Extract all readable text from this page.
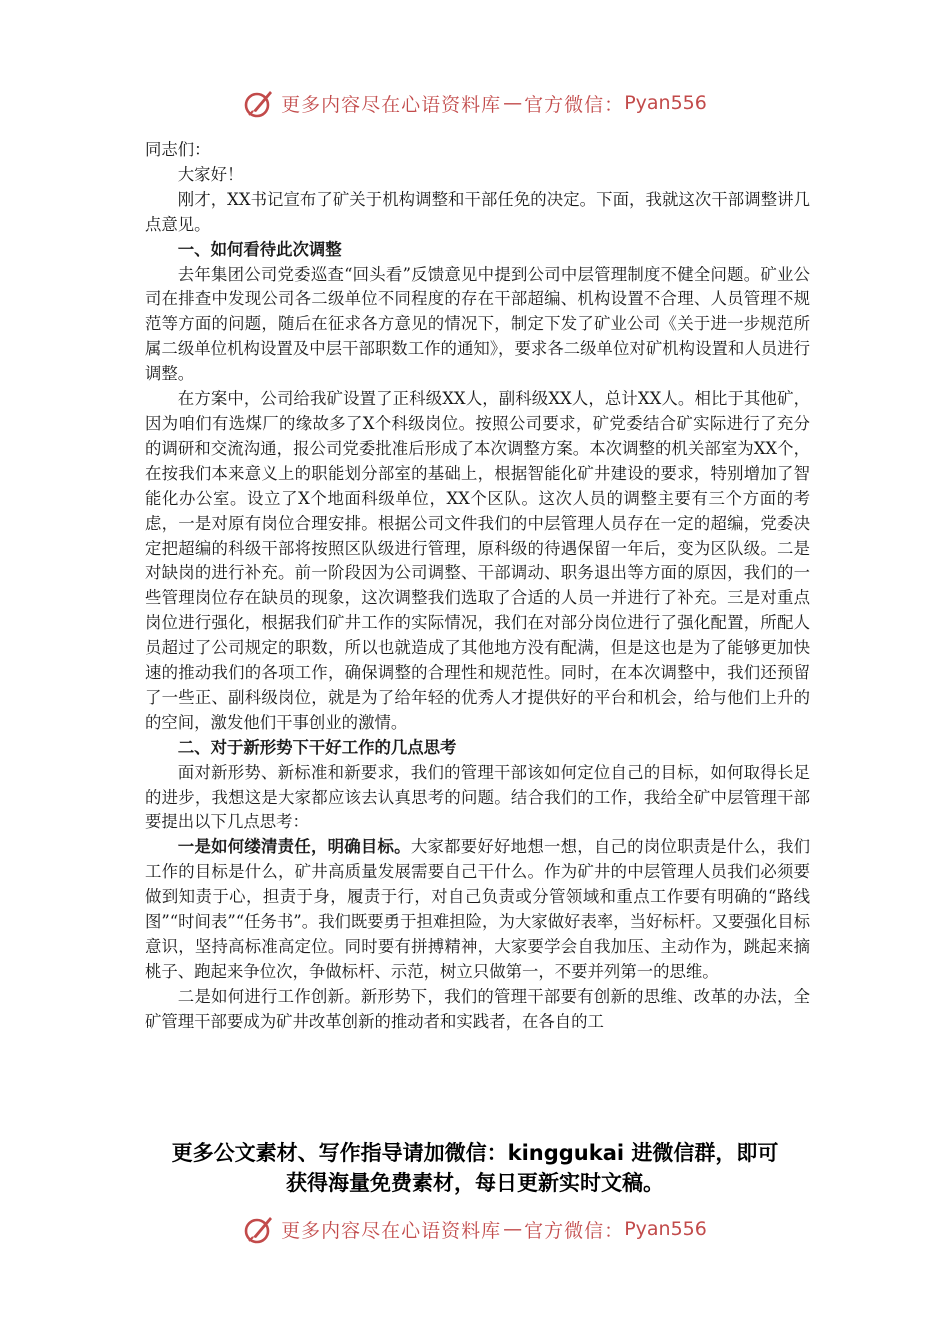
更多内容尽在心语资料库 — 官方微信： Pyan556

同志们：

大家好！

刚才，XX书记宣布了矿关于机构调整和干部任免的决定。下面，我就这次干部调整讲几点意见。

一、如何看待此次调整

去年集团公司党委巡查“回头看”反馈意见中提到公司中层管理制度不健全问题。矿业公司在排查中发现公司各二级单位不同程度的存在干部超编、机构设置不合理、人员管理不规范等方面的问题，随后在征求各方意见的情况下，制定下发了矿业公司《关于进一步规范所属二级单位机构设置及中层干部职数工作的通知》，要求各二级单位对矿机构设置和人员进行调整。

在方案中，公司给我矿设置了正科级XX人，副科级XX人，总计XX人。相比于其他矿，因为咱们有选煤厂的缘故多了X个科级岗位。按照公司要求，矿党委结合矿实际进行了充分的调研和交流沟通，报公司党委批准后形成了本次调整方案。本次调整的机关部室为XX个，在按我们本来意义上的职能划分部室的基础上，根据智能化矿井建设的要求，特别增加了智能化办公室。设立了X个地面科级单位，XX个区队。这次人员的调整主要有三个方面的考虑，一是对原有岗位合理安排。根据公司文件我们的中层管理人员存在一定的超编，党委决定把超编的科级干部将按照区队级进行管理，原科级的待遇保留一年后，变为区队级。二是对缺岗的进行补充。前一阶段因为公司调整、干部调动、职务退出等方面的原因，我们的一些管理岗位存在缺员的现象，这次调整我们选取了合适的人员一并进行了补充。三是对重点岗位进行强化，根据我们矿井工作的实际情况，我们在对部分岗位进行了强化配置，所配人员超过了公司规定的职数，所以也就造成了其他地方没有配满，但是这也是为了能够更加快速的推动我们的各项工作，确保调整的合理性和规范性。同时，在本次调整中，我们还预留了一些正、副科级岗位，就是为了给年轻的优秀人才提供好的平台和机会，给与他们上升的的空间，激发他们干事创业的激情。

二、对于新形势下干好工作的几点思考

面对新形势、新标准和新要求，我们的管理干部该如何定位自己的目标，如何取得长足的进步，我想这是大家都应该去认真思考的问题。结合我们的工作，我给全矿中层管理干部要提出以下几点思考：

一是如何缕清责任，明确目标。大家都要好好地想一想，自己的岗位职责是什么，我们工作的目标是什么，矿井高质量发展需要自己干什么。作为矿井的中层管理人员我们必须要做到知责于心，担责于身，履责于行，对自己负责或分管领域和重点工作要有明确的“路线图”“时间表”“任务书”。我们既要勇于担难担险，为大家做好表率，当好标杆。又要强化目标意识，坚持高标准高定位。同时要有拼搏精神，大家要学会自我加压、主动作为，跳起来摘桃子、跑起来争位次，争做标杆、示范，树立只做第一，不要并列第一的思维。

二是如何进行工作创新。新形势下，我们的管理干部要有创新的思维、改革的办法，全矿管理干部要成为矿井改革创新的推动者和实践者，在各自的工

更多公文素材、写作指导请加微信：kinggukai 进微信群，即可
获得海量免费素材，每日更新实时文稿。
更多内容尽在心语资料库 — 官方微信： Pyan556
